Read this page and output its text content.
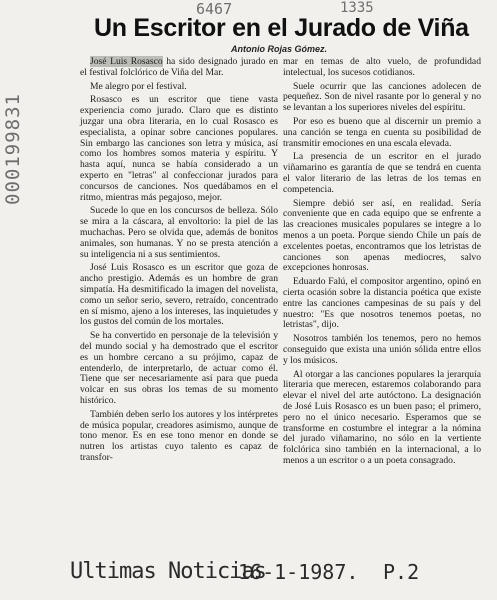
000199831
6467	1335
Un Escritor en el Jurado de Viña
Antonio Rojas Gómez.

José Luis Rosasco ha sido designado jurado en el festival folclórico de Viña del Mar.

Me alegro por el festival.

Rosasco es un escritor que tiene vasta experiencia como jurado. Claro que es distinto juzgar una obra literaria, en lo cual Rosasco es especialista, a opinar sobre canciones populares. Sin embargo las canciones son letra y música, así como los hombres somos materia y espíritu. Y hasta aquí, nunca se había considerado a un experto en "letras" al confeccionar jurados para concursos de canciones. Nos quedábamos en el ritmo, mientras más pegajoso, mejor.

Sucede lo que en los concursos de belleza. Sólo se mira a la cáscara, al envoltorio: la piel de las muchachas. Pero se olvida que, además de bonitos animales, son humanas. Y no se presta atención a su inteligencia ni a sus sentimientos.

José Luis Rosasco es un escritor que goza de ancho prestigio. Además es un hombre de gran simpatía. Ha desmitificado la imagen del novelista, como un señor serio, severo, retraído, concentrado en sí mismo, ajeno a los intereses, las inquietudes y los gustos del común de los mortales.

Se ha convertido en personaje de la televisión y del mundo social y ha demostrado que el escritor es un hombre cercano a su prójimo, capaz de entenderlo, de interpretarlo, de actuar como él. Tiene que ser necesariamente así para que pueda volcar en sus obras los temas de su momento histórico.

También deben serlo los autores y los intérpretes de música popular, creadores asimismo, aunque de tono menor. Es en ese tono menor en donde se nutren los artistas cuyo talento es capaz de transfor-

mar en temas de alto vuelo, de profundidad intelectual, los sucesos cotidianos.

Suele ocurrir que las canciones adolecen de pequeñez. Son de nivel rasante por lo general y no se levantan a los superiores niveles del espíritu.

Por eso es bueno que al discernir un premio a una canción se tenga en cuenta su posibilidad de transmitir emociones en una escala elevada.

La presencia de un escritor en el jurado viñamarino es garantía de que se tendrá en cuenta el valor literario de las letras de los temas en competencia.

Siempre debió ser así, en realidad. Sería conveniente que en cada equipo que se enfrente a las creaciones musicales populares se integre a lo menos a un poeta. Porque siendo Chile un país de excelentes poetas, encontramos que los letristas de canciones son apenas mediocres, salvo excepciones honrosas.

Eduardo Falú, el compositor argentino, opinó en cierta ocasión sobre la distancia poética que existe entre las canciones campesinas de su país y del nuestro: "Es que nosotros tenemos poetas, no letristas", dijo.

Nosotros también los tenemos, pero no hemos conseguido que exista una unión sólida entre ellos y los músicos.

Al otorgar a las canciones populares la jerarquía literaria que merecen, estaremos colaborando para elevar el nivel del arte autóctono. La designación de José Luis Rosasco es un buen paso; el primero, pero no el único necesario. Esperamos que se transforme en costumbre el integrar a la nómina del jurado viñamarino, no sólo en la vertiente folclórica sino también en la internacional, a lo menos a un escritor o a un poeta consagrado.

Ultimas Noticias
16-1-1987. P.2
